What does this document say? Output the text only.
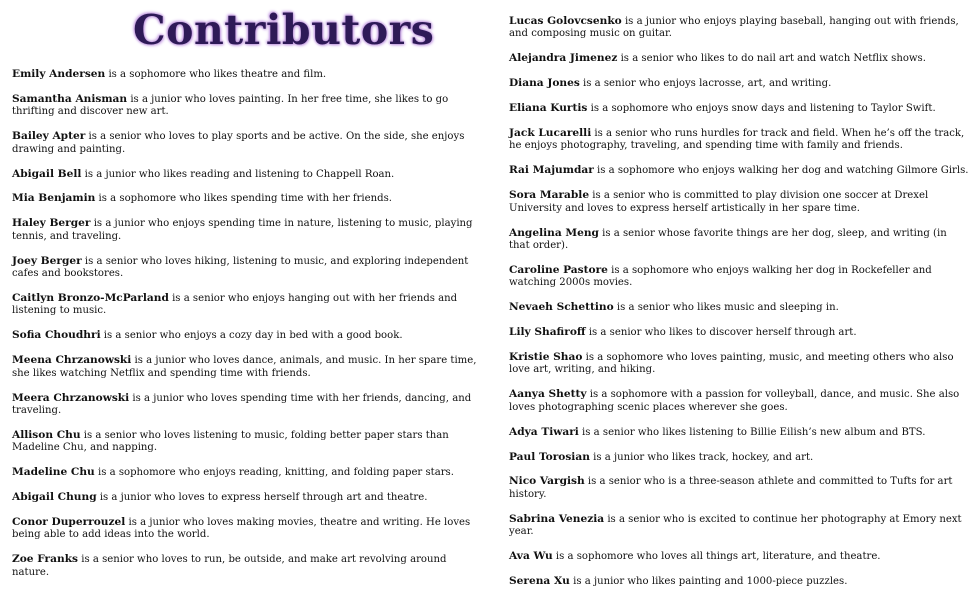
Contributors

Emily Andersen is a sophomore who likes theatre and film.

Samantha Anisman is a junior who loves painting. In her free time, she likes to go thrifting and discover new art.

Bailey Apter is a senior who loves to play sports and be active. On the side, she enjoys drawing and painting.

Abigail Bell is a junior who likes reading and listening to Chappell Roan.

Mia Benjamin is a sophomore who likes spending time with her friends.

Haley Berger is a junior who enjoys spending time in nature, listening to music, playing tennis, and traveling.

Joey Berger is a senior who loves hiking, listening to music, and exploring independent cafes and bookstores.

Caitlyn Bronzo-McParland is a senior who enjoys hanging out with her friends and listening to music.

Sofia Choudhri is a senior who enjoys a cozy day in bed with a good book.

Meena Chrzanowski is a junior who loves dance, animals, and music. In her spare time, she likes watching Netflix and spending time with friends.

Meera Chrzanowski is a junior who loves spending time with her friends, dancing, and traveling.

Allison Chu is a senior who loves listening to music, folding better paper stars than Madeline Chu, and napping.

Madeline Chu is a sophomore who enjoys reading, knitting, and folding paper stars.

Abigail Chung is a junior who loves to express herself through art and theatre.

Conor Duperrouzel is a junior who loves making movies, theatre and writing. He loves being able to add ideas into the world.

Zoe Franks is a senior who loves to run, be outside, and make art revolving around nature.

Lucas Golovcsenko is a junior who enjoys playing baseball, hanging out with friends, and composing music on guitar.

Alejandra Jimenez is a senior who likes to do nail art and watch Netflix shows.

Diana Jones is a senior who enjoys lacrosse, art, and writing.

Eliana Kurtis is a sophomore who enjoys snow days and listening to Taylor Swift.

Jack Lucarelli is a senior who runs hurdles for track and field. When he’s off the track, he enjoys photography, traveling, and spending time with family and friends.

Rai Majumdar is a sophomore who enjoys walking her dog and watching Gilmore Girls.

Sora Marable is a senior who is committed to play division one soccer at Drexel University and loves to express herself artistically in her spare time.

Angelina Meng is a senior whose favorite things are her dog, sleep, and writing (in that order).

Caroline Pastore is a sophomore who enjoys walking her dog in Rockefeller and watching 2000s movies.

Nevaeh Schettino is a senior who likes music and sleeping in.

Lily Shafiroff is a senior who likes to discover herself through art.

Kristie Shao is a sophomore who loves painting, music, and meeting others who also love art, writing, and hiking.

Aanya Shetty is a sophomore with a passion for volleyball, dance, and music. She also loves photographing scenic places wherever she goes.

Adya Tiwari is a senior who likes listening to Billie Eilish’s new album and BTS.

Paul Torosian is a junior who likes track, hockey, and art.

Nico Vargish is a senior who is a three-season athlete and committed to Tufts for art history.

Sabrina Venezia is a senior who is excited to continue her photography at Emory next year.

Ava Wu is a sophomore who loves all things art, literature, and theatre.

Serena Xu is a junior who likes painting and 1000-piece puzzles.
